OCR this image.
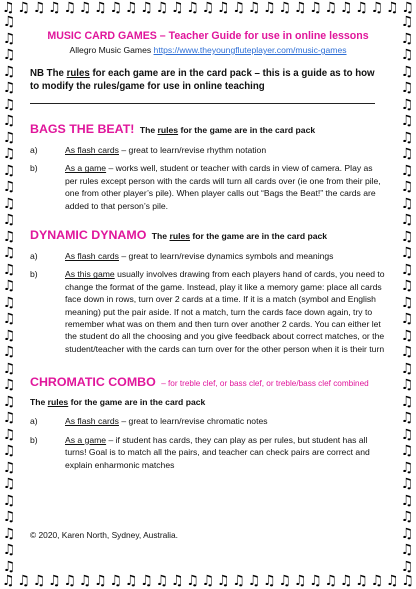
♫ ♫ ♫ ♫ ♫ ♫ ♫ ♫ ♫ ♫ ♫ ♫ ♫ ♫ ♫ ♫ ♫ ♫ ♫ ♫ ♫ ♫ ♫ ♫ ♫ ♫ ♫
♫ ♫ ♫ ♫ ♫ ♫ ♫ ♫ ♫ ♫ ♫ ♫ ♫ ♫ ♫ ♫ ♫ ♫ ♫ ♫ ♫ ♫ ♫ ♫ ♫ ♫ ♫
♫
♫
♫
♫
♫
♫
♫
♫
♫
♫
♫
♫
♫
♫
♫
♫
♫
♫
♫
♫
♫
♫
♫
♫
♫
♫
♫
♫
♫
♫
♫
♫
♫
♫
♫
♫
♫
♫
♫
♫
♫
♫
♫
♫
♫
♫
♫
♫
♫
♫
♫
♫
♫
♫
♫
♫
♫
♫
♫
♫
♫
♫
♫
♫
♫
♫
♫
♫
MUSIC CARD GAMES – Teacher Guide for use in online lessons
Allegro Music Games https://www.theyoungfluteplayer.com/music-games

NB The rules for each game are in the card pack – this is a guide as to how to modify the rules/game for use in online teaching

BAGS THE BEAT! The rules for the game are in the card pack
a)	As flash cards – great to learn/revise rhythm notation
b)	As a game – works well, student or teacher with cards in view of camera. Play as per rules except person with the cards will turn all cards over (ie one from their pile, one from other player’s pile). When player calls out “Bags the Beat!” the cards are added to that person’s pile.
DYNAMIC DYNAMO The rules for the game are in the card pack
a)	As flash cards – great to learn/revise dynamics symbols and meanings
b)	As this game usually involves drawing from each players hand of cards, you need to change the format of the game. Instead, play it like a memory game: place all cards face down in rows, turn over 2 cards at a time. If it is a match (symbol and English meaning) put the pair aside. If not a match, turn the cards face down again, try to remember what was on them and then turn over another 2 cards. You can either let the student do all the choosing and you give feedback about correct matches, or the student/teacher with the cards can turn over for the other person when it is their turn
CHROMATIC COMBO – for treble clef, or bass clef, or treble/bass clef combined
The rules for the game are in the card pack
a)	As flash cards – great to learn/revise chromatic notes
b)	As a game – if student has cards, they can play as per rules, but student has all turns! Goal is to match all the pairs, and teacher can check pairs are correct and explain enharmonic matches
© 2020, Karen North, Sydney, Australia.
